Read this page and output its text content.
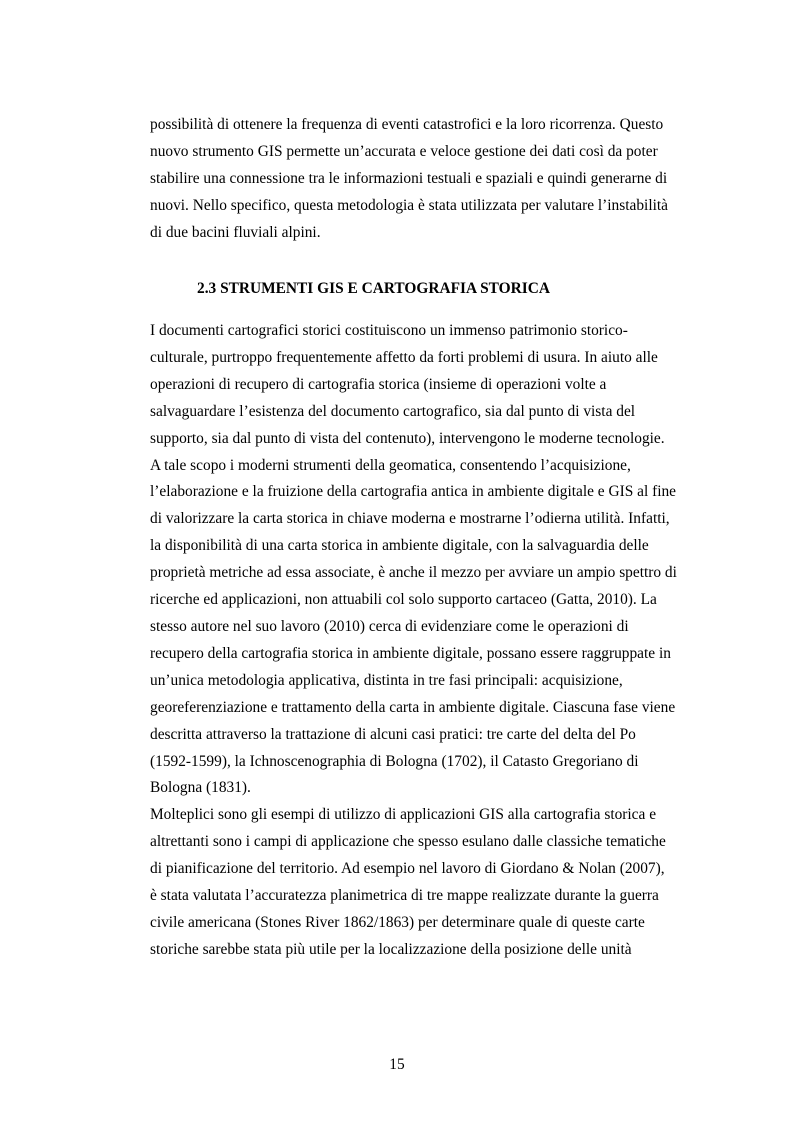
possibilità di ottenere la frequenza di eventi catastrofici e la loro ricorrenza. Questo
nuovo strumento GIS permette un’accurata e veloce gestione dei dati così da poter
stabilire una connessione tra le informazioni testuali e spaziali e quindi generarne di
nuovi. Nello specifico, questa metodologia è stata utilizzata per valutare l’instabilità
di due bacini fluviali alpini.

2.3 STRUMENTI GIS E CARTOGRAFIA STORICA

I documenti cartografici storici costituiscono un immenso patrimonio storico-
culturale, purtroppo frequentemente affetto da forti problemi di usura. In aiuto alle
operazioni di recupero di cartografia storica (insieme di operazioni volte a
salvaguardare l’esistenza del documento cartografico, sia dal punto di vista del
supporto, sia dal punto di vista del contenuto), intervengono le moderne tecnologie.
A tale scopo i moderni strumenti della geomatica, consentendo l’acquisizione,
l’elaborazione e la fruizione della cartografia antica in ambiente digitale e GIS al fine
di valorizzare la carta storica in chiave moderna e mostrarne l’odierna utilità. Infatti,
la disponibilità di una carta storica in ambiente digitale, con la salvaguardia delle
proprietà metriche ad essa associate, è anche il mezzo per avviare un ampio spettro di
ricerche ed applicazioni, non attuabili col solo supporto cartaceo (Gatta, 2010). La
stesso autore nel suo lavoro (2010) cerca di evidenziare come le operazioni di
recupero della cartografia storica in ambiente digitale, possano essere raggruppate in
un’unica metodologia applicativa, distinta in tre fasi principali: acquisizione,
georeferenziazione e trattamento della carta in ambiente digitale. Ciascuna fase viene
descritta attraverso la trattazione di alcuni casi pratici: tre carte del delta del Po
(1592-1599), la Ichnoscenographia di Bologna (1702), il Catasto Gregoriano di
Bologna (1831).

Molteplici sono gli esempi di utilizzo di applicazioni GIS alla cartografia storica e
altrettanti sono i campi di applicazione che spesso esulano dalle classiche tematiche
di pianificazione del territorio. Ad esempio nel lavoro di Giordano & Nolan (2007),
è stata valutata l’accuratezza planimetrica di tre mappe realizzate durante la guerra
civile americana (Stones River 1862/1863) per determinare quale di queste carte
storiche sarebbe stata più utile per la localizzazione della posizione delle unità

15
